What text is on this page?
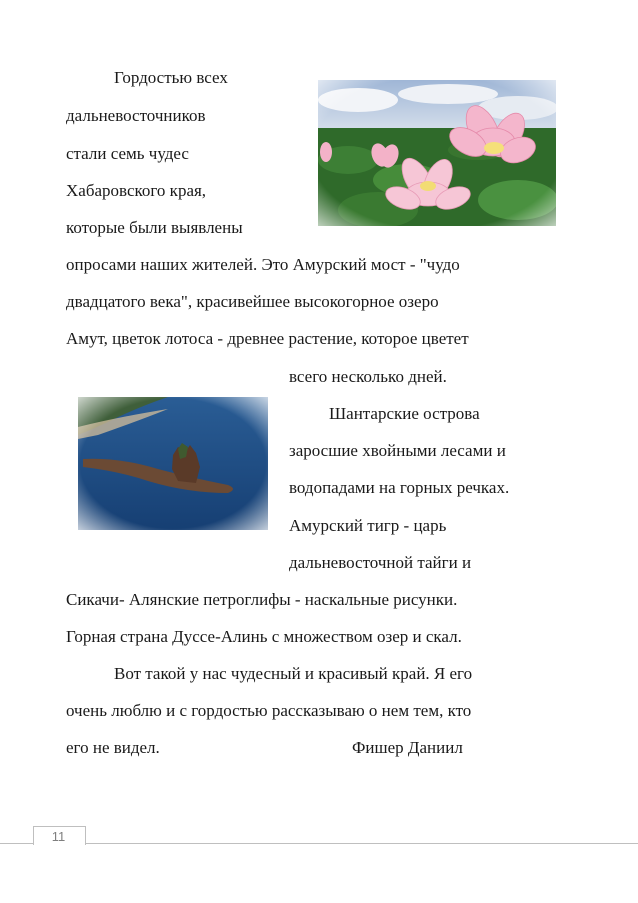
Гордостью всех
дальневосточников
стали семь чудес
Хабаровского края,
которые были выявлены
опросами наших жителей. Это Амурский мост - "чудо
двадцатого века", красивейшее высокогорное озеро
Амут, цветок лотоса - древнее растение, которое цветет
всего несколько дней.
Шантарские острова
заросшие хвойными лесами и
водопадами на горных речках.
Амурский тигр - царь
дальневосточной тайги и
Сикачи- Алянские петроглифы - наскальные рисунки.
Горная страна Дуссе-Алинь с множеством озер и скал.
Вот такой у нас чудесный и красивый край. Я его
очень люблю и с гордостью рассказываю о нем тем, кто
его не видел.	Фишер Даниил
11
